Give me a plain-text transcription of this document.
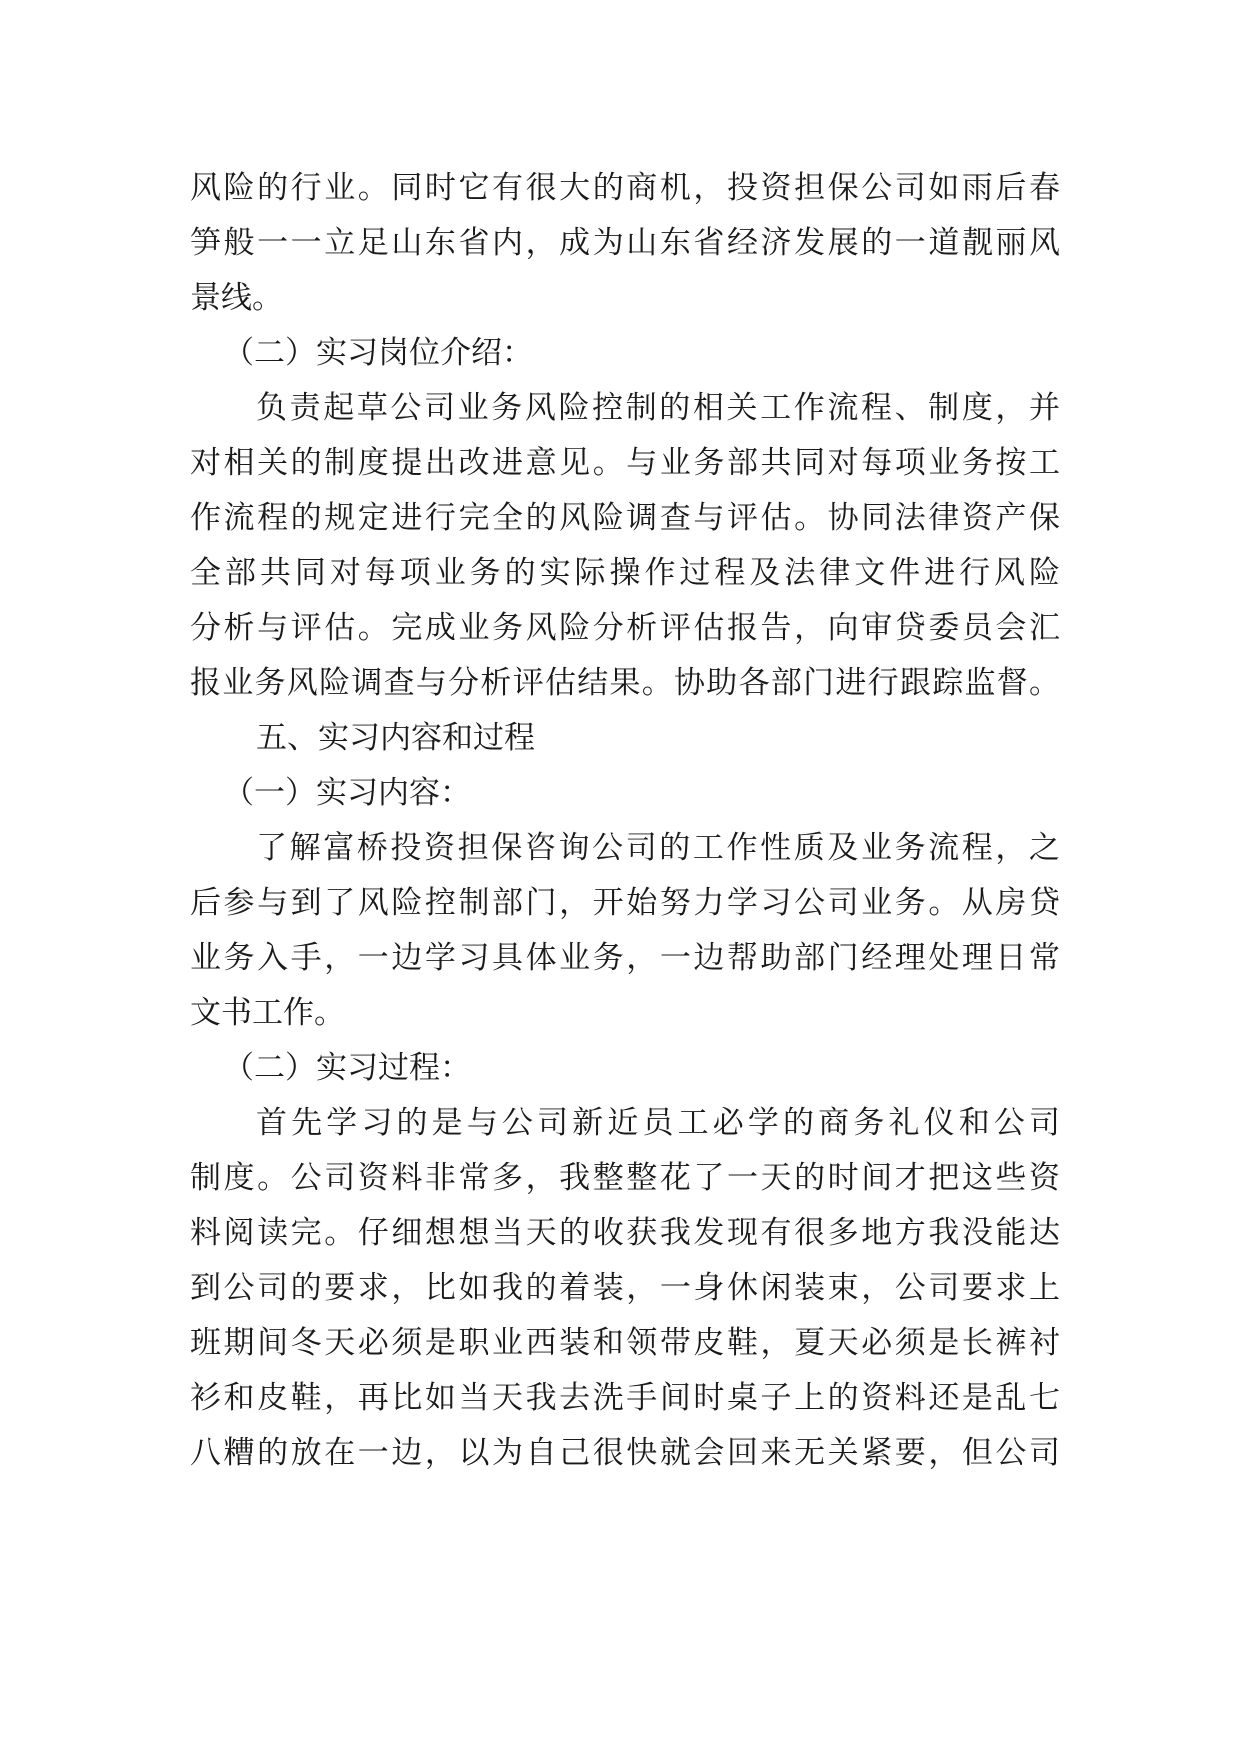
风险的行业。同时它有很大的商机，投资担保公司如雨后春
笋般一一立足山东省内，成为山东省经济发展的一道靓丽风
景线。
（二）实习岗位介绍：
负责起草公司业务风险控制的相关工作流程、制度，并
对相关的制度提出改进意见。与业务部共同对每项业务按工
作流程的规定进行完全的风险调查与评估。协同法律资产保
全部共同对每项业务的实际操作过程及法律文件进行风险
分析与评估。完成业务风险分析评估报告，向审贷委员会汇
报业务风险调查与分析评估结果。协助各部门进行跟踪监督。
五、实习内容和过程
（一）实习内容：
了解富桥投资担保咨询公司的工作性质及业务流程，之
后参与到了风险控制部门，开始努力学习公司业务。从房贷
业务入手，一边学习具体业务，一边帮助部门经理处理日常
文书工作。
（二）实习过程：
首先学习的是与公司新近员工必学的商务礼仪和公司
制度。公司资料非常多，我整整花了一天的时间才把这些资
料阅读完。仔细想想当天的收获我发现有很多地方我没能达
到公司的要求，比如我的着装，一身休闲装束，公司要求上
班期间冬天必须是职业西装和领带皮鞋，夏天必须是长裤衬
衫和皮鞋，再比如当天我去洗手间时桌子上的资料还是乱七
八糟的放在一边，以为自己很快就会回来无关紧要，但公司
